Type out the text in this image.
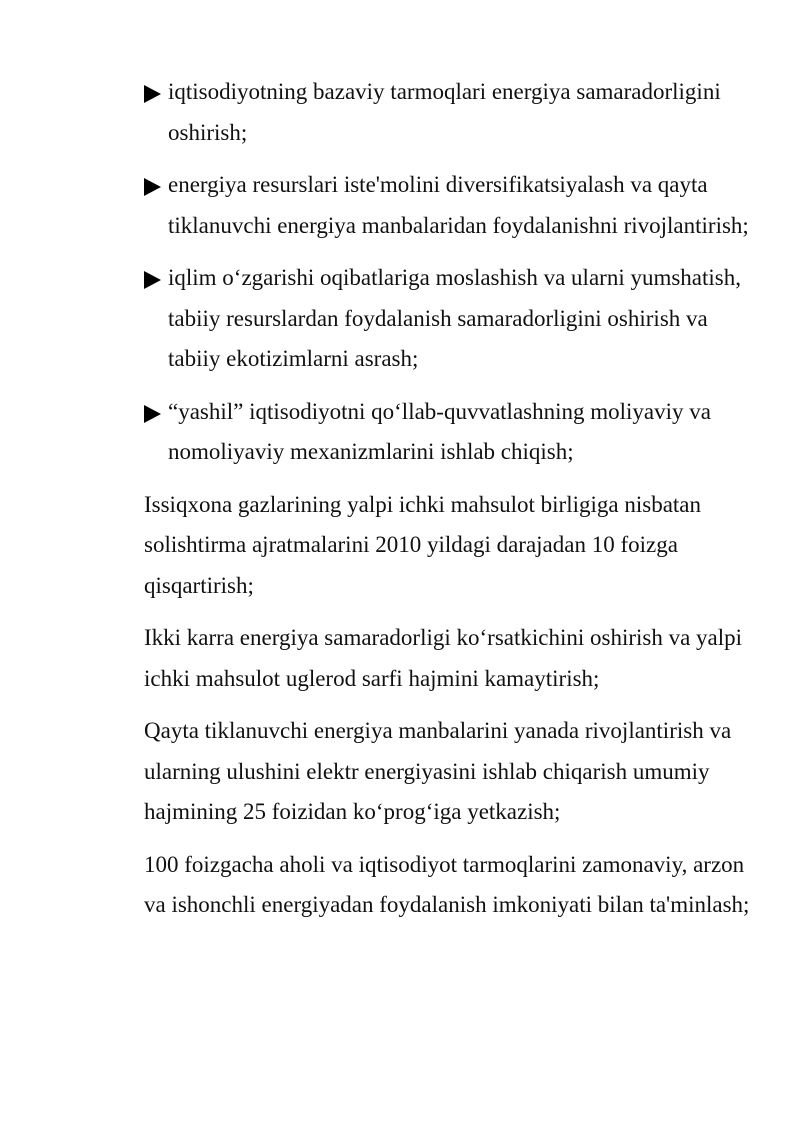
iqtisodiyotning bazaviy tarmoqlari energiya samaradorligini oshirish;
energiya resurslari iste'molini diversifikatsiyalash va qayta tiklanuvchi energiya manbalaridan foydalanishni rivojlantirish;
iqlim o‘zgarishi oqibatlariga moslashish va ularni yumshatish, tabiiy resurslardan foydalanish samaradorligini oshirish va tabiiy ekotizimlarni asrash;
“yashil” iqtisodiyotni qo‘llab-quvvatlashning moliyaviy va nomoliyaviy mexanizmlarini ishlab chiqish;

Issiqxona gazlarining yalpi ichki mahsulot birligiga nisbatan solishtirma ajratmalarini 2010 yildagi darajadan 10 foizga qisqartirish;

Ikki karra energiya samaradorligi ko‘rsatkichini oshirish va yalpi ichki mahsulot uglerod sarfi hajmini kamaytirish;

Qayta tiklanuvchi energiya manbalarini yanada rivojlantirish va ularning ulushini elektr energiyasini ishlab chiqarish umumiy hajmining 25 foizidan ko‘prog‘iga yetkazish;

100 foizgacha aholi va iqtisodiyot tarmoqlarini zamonaviy, arzon va ishonchli energiyadan foydalanish imkoniyati bilan ta'minlash;
